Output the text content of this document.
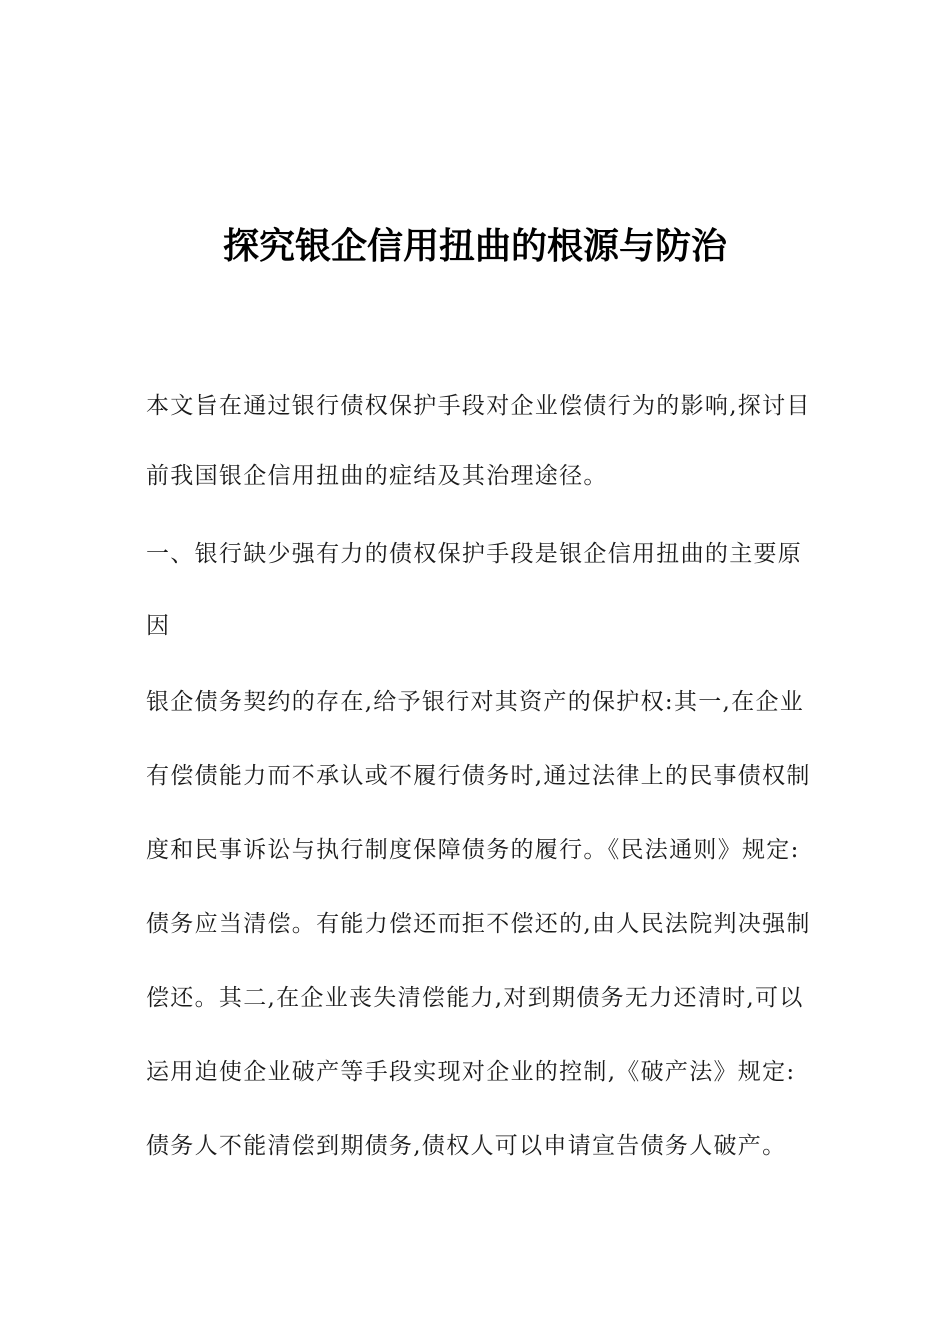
探究银企信用扭曲的根源与防治
本文旨在通过银行债权保护手段对企业偿债行为的影响,探讨目
前我国银企信用扭曲的症结及其治理途径。
一、银行缺少强有力的债权保护手段是银企信用扭曲的主要原
因
银企债务契约的存在,给予银行对其资产的保护权:其一,在企业
有偿债能力而不承认或不履行债务时,通过法律上的民事债权制
度和民事诉讼与执行制度保障债务的履行。《民法通则》规定:
债务应当清偿。有能力偿还而拒不偿还的,由人民法院判决强制
偿还。其二,在企业丧失清偿能力,对到期债务无力还清时,可以
运用迫使企业破产等手段实现对企业的控制,《破产法》规定:
债务人不能清偿到期债务,债权人可以申请宣告债务人破产。
